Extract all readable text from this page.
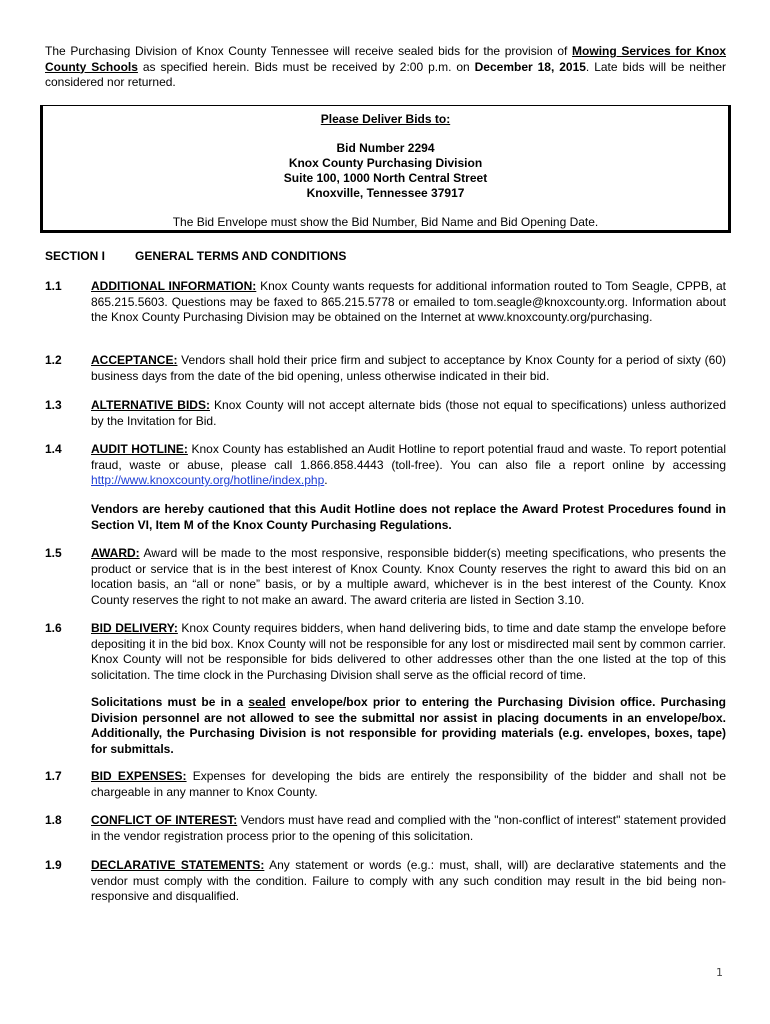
The Purchasing Division of Knox County Tennessee will receive sealed bids for the provision of Mowing Services for Knox County Schools as specified herein. Bids must be received by 2:00 p.m. on December 18, 2015. Late bids will be neither considered nor returned.
Please Deliver Bids to:
Bid Number 2294
Knox County Purchasing Division
Suite 100, 1000 North Central Street
Knoxville, Tennessee 37917
The Bid Envelope must show the Bid Number, Bid Name and Bid Opening Date.
SECTION I GENERAL TERMS AND CONDITIONS
1.1 ADDITIONAL INFORMATION: Knox County wants requests for additional information routed to Tom Seagle, CPPB, at 865.215.5603. Questions may be faxed to 865.215.5778 or emailed to tom.seagle@knoxcounty.org. Information about the Knox County Purchasing Division may be obtained on the Internet at www.knoxcounty.org/purchasing.
1.2 ACCEPTANCE: Vendors shall hold their price firm and subject to acceptance by Knox County for a period of sixty (60) business days from the date of the bid opening, unless otherwise indicated in their bid.
1.3 ALTERNATIVE BIDS: Knox County will not accept alternate bids (those not equal to specifications) unless authorized by the Invitation for Bid.
1.4 AUDIT HOTLINE: Knox County has established an Audit Hotline to report potential fraud and waste. To report potential fraud, waste or abuse, please call 1.866.858.4443 (toll-free). You can also file a report online by accessing http://www.knoxcounty.org/hotline/index.php.
Vendors are hereby cautioned that this Audit Hotline does not replace the Award Protest Procedures found in Section VI, Item M of the Knox County Purchasing Regulations.
1.5 AWARD: Award will be made to the most responsive, responsible bidder(s) meeting specifications, who presents the product or service that is in the best interest of Knox County. Knox County reserves the right to award this bid on an location basis, an “all or none” basis, or by a multiple award, whichever is in the best interest of the County. Knox County reserves the right to not make an award. The award criteria are listed in Section 3.10.
1.6 BID DELIVERY: Knox County requires bidders, when hand delivering bids, to time and date stamp the envelope before depositing it in the bid box. Knox County will not be responsible for any lost or misdirected mail sent by common carrier. Knox County will not be responsible for bids delivered to other addresses other than the one listed at the top of this solicitation. The time clock in the Purchasing Division shall serve as the official record of time.
Solicitations must be in a sealed envelope/box prior to entering the Purchasing Division office. Purchasing Division personnel are not allowed to see the submittal nor assist in placing documents in an envelope/box. Additionally, the Purchasing Division is not responsible for providing materials (e.g. envelopes, boxes, tape) for submittals.
1.7 BID EXPENSES: Expenses for developing the bids are entirely the responsibility of the bidder and shall not be chargeable in any manner to Knox County.
1.8 CONFLICT OF INTEREST: Vendors must have read and complied with the "non-conflict of interest" statement provided in the vendor registration process prior to the opening of this solicitation.
1.9 DECLARATIVE STATEMENTS: Any statement or words (e.g.: must, shall, will) are declarative statements and the vendor must comply with the condition. Failure to comply with any such condition may result in the bid being non-responsive and disqualified.
1
